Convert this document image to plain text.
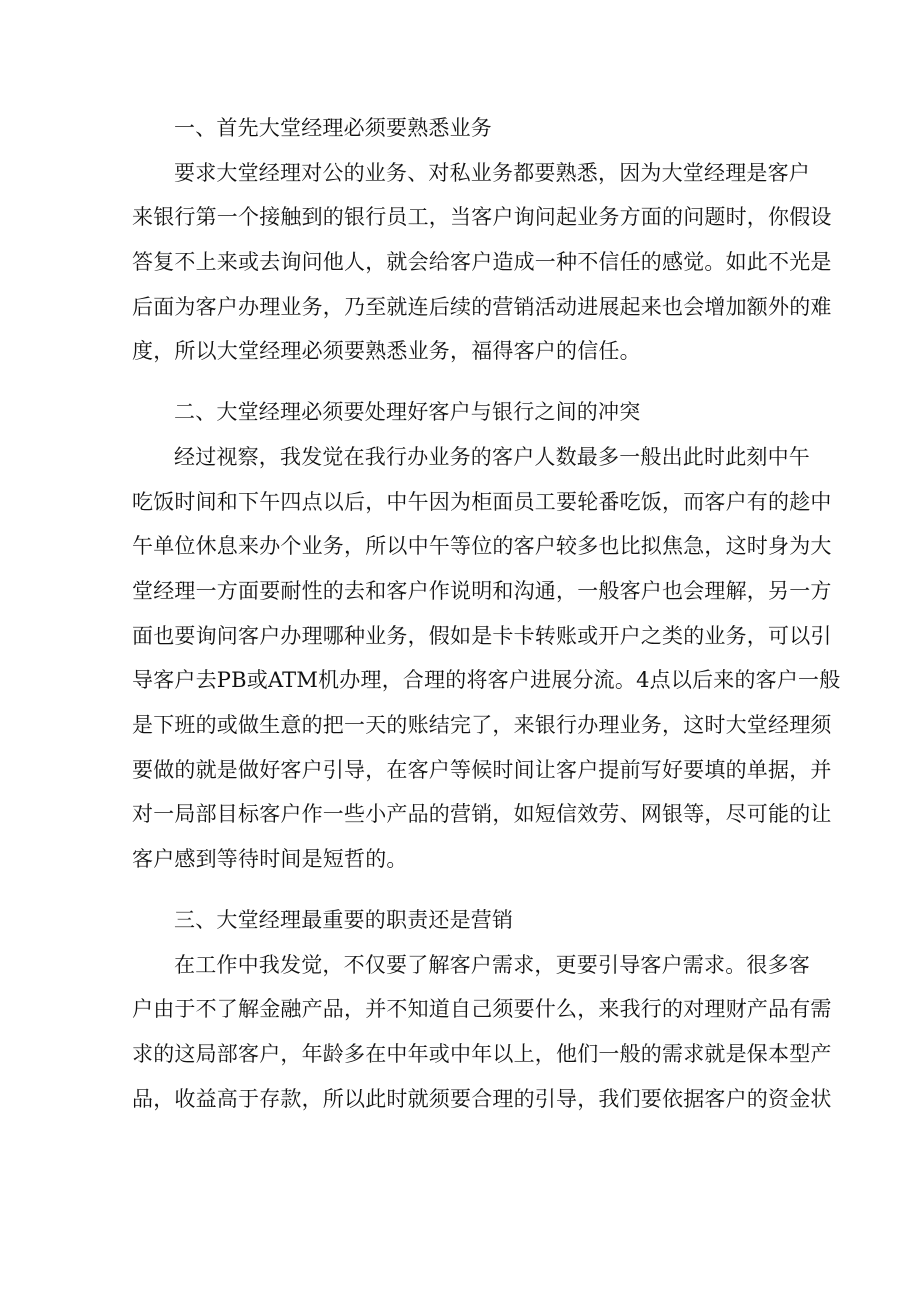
一、首先大堂经理必须要熟悉业务
要求大堂经理对公的业务、对私业务都要熟悉，因为大堂经理是客户
来银行第一个接触到的银行员工，当客户询问起业务方面的问题时，你假设
答复不上来或去询问他人，就会给客户造成一种不信任的感觉。如此不光是
后面为客户办理业务，乃至就连后续的营销活动进展起来也会增加额外的难
度，所以大堂经理必须要熟悉业务，福得客户的信任。
二、大堂经理必须要处理好客户与银行之间的冲突
经过视察，我发觉在我行办业务的客户人数最多一般出此时此刻中午
吃饭时间和下午四点以后，中午因为柜面员工要轮番吃饭，而客户有的趁中
午单位休息来办个业务，所以中午等位的客户较多也比拟焦急，这时身为大
堂经理一方面要耐性的去和客户作说明和沟通，一般客户也会理解，另一方
面也要询问客户办理哪种业务，假如是卡卡转账或开户之类的业务，可以引
导客户去PB或ATM机办理，合理的将客户进展分流。4点以后来的客户一般
是下班的或做生意的把一天的账结完了，来银行办理业务，这时大堂经理须
要做的就是做好客户引导，在客户等候时间让客户提前写好要填的单据，并
对一局部目标客户作一些小产品的营销，如短信效劳、网银等，尽可能的让
客户感到等待时间是短哲的。
三、大堂经理最重要的职责还是营销
在工作中我发觉，不仅要了解客户需求，更要引导客户需求。很多客
户由于不了解金融产品，并不知道自己须要什么，来我行的对理财产品有需
求的这局部客户，年龄多在中年或中年以上，他们一般的需求就是保本型产
品，收益高于存款，所以此时就须要合理的引导，我们要依据客户的资金状
